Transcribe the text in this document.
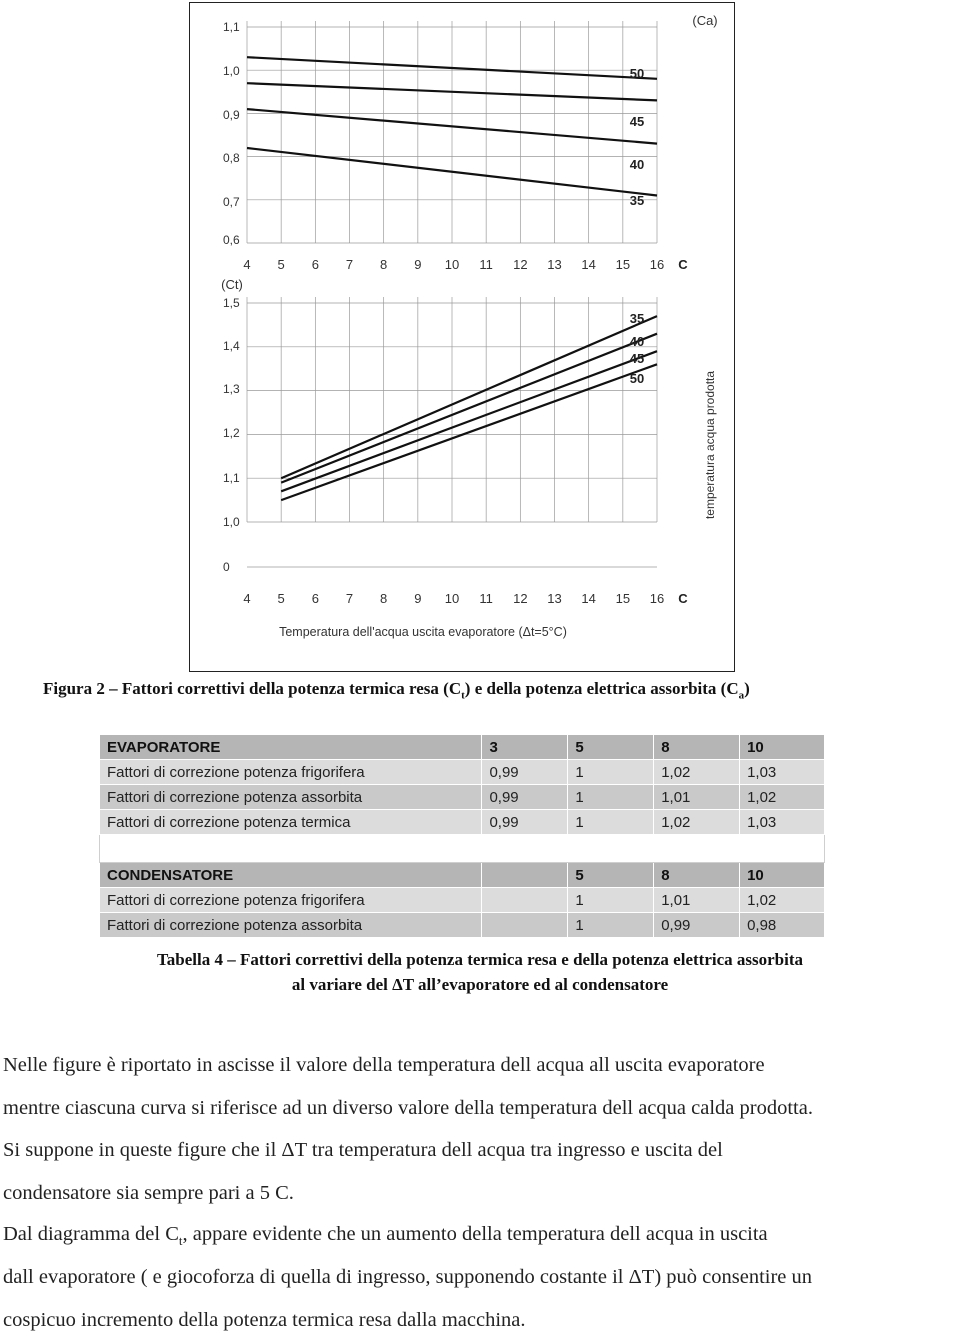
(Ca)
1,1
1,0
0,9
0,8
0,7
0,6
4 5 6 7 8 9 10 11 12 13 14 15 16 C
50
45
40
35
(Ct)
1,5
1,4
1,3
1,2
1,1
1,0
0
4 5 6 7 8 9 10 11 12 13 14 15 16 C
35
40
45
50	temperatura acqua prodotta
Temperatura dell'acqua uscita evaporatore (Δt=5°C)
Figura 2 – Fattori correttivi della potenza termica resa $(C_t)$ e della potenza elettrica assorbita $(C_a)$
EVAPORATORE	3	5	8	10
Fattori di correzione potenza frigorifera	0,99	1	1,02	1,03
Fattori di correzione potenza assorbita	0,99	1	1,01	1,02
Fattori di correzione potenza termica	0,99	1	1,02	1,03

CONDENSATORE		5	8	10
Fattori di correzione potenza frigorifera		1	1,01	1,02
Fattori di correzione potenza assorbita		1	0,99	0,98
Tabella 4 – Fattori correttivi della potenza termica resa e della potenza elettrica assorbita
al variare del ΔT all’evaporatore ed al condensatore
Nelle figure è riportato in ascisse il valore della temperatura dell acqua all uscita evaporatore
mentre ciascuna curva si riferisce ad un diverso valore della temperatura dell acqua calda prodotta.
Si suppone in queste figure che il ΔT tra temperatura dell acqua tra ingresso e uscita del
condensatore sia sempre pari a 5 C.
Dal diagramma del $C_t$, appare evidente che un aumento della temperatura dell acqua in uscita
dall evaporatore ( e giocoforza di quella di ingresso, supponendo costante il ΔT) può consentire un
cospicuo incremento della potenza termica resa dalla macchina.
